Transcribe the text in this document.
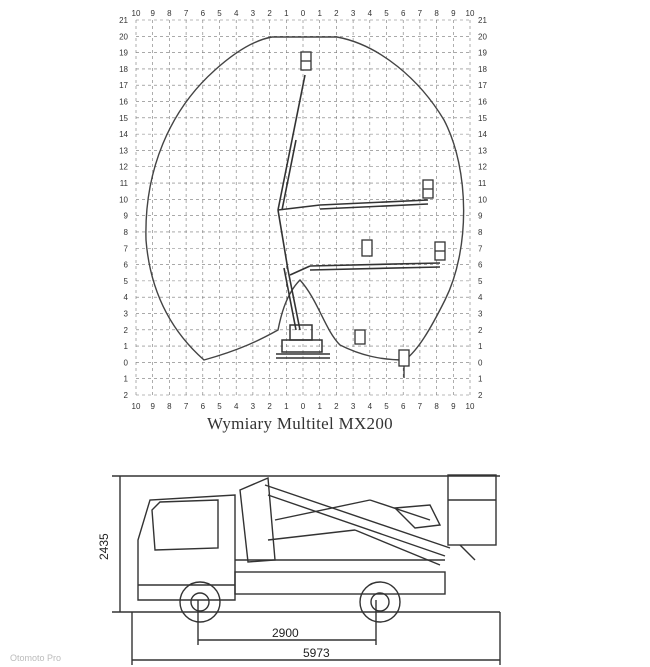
10 9 8 7 6 5 4 3 2 1 0 1 2 3 4 5 6 7 8 9 10
10 9 8 7 6 5 4 3 2 1 0 1 2 3 4 5 6 7 8 9 10
21
20
19
18
17
16
15
14
13
12
11
10
9
8
7
6
5
4
3
2
1
0
1
2
21
20
19
18
17
16
15
14
13
12
11
10
9
8
7
6
5
4
3
2
1
0
1
2
2435
2900
5973
Otomoto Pro
Wymiary Multitel MX200
